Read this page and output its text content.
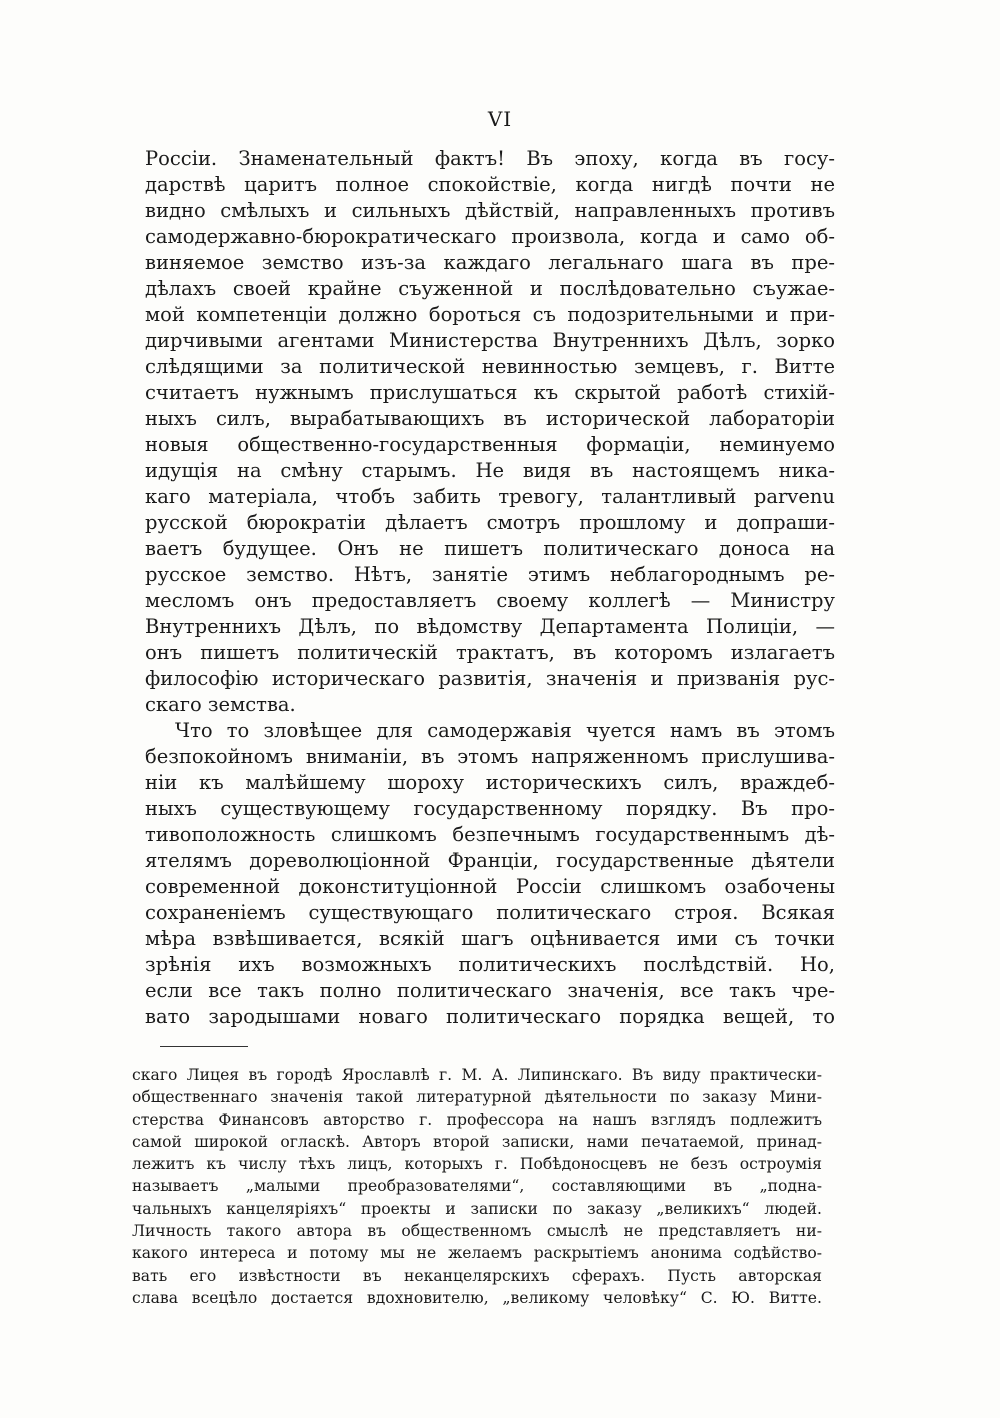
VI
Россiи. Знаменательный фактъ! Въ эпоху, когда въ госу-
дарствѣ царитъ полное спокойствiе, когда нигдѣ почти не
видно смѣлыхъ и сильныхъ дѣйствiй, направленныхъ противъ
самодержавно-бюрократическаго произвола, когда и само об-
виняемое земство изъ-за каждаго легальнаго шага въ пре-
дѣлахъ своей крайне съуженной и послѣдовательно съужае-
мой компетенцiи должно бороться съ подозрительными и при-
дирчивыми агентами Министерства Внутреннихъ Дѣлъ, зорко
слѣдящими за политической невинностью земцевъ, г. Витте
считаетъ нужнымъ прислушаться къ скрытой работѣ стихiй-
ныхъ силъ, вырабатывающихъ въ исторической лабораторiи
новыя общественно-государственныя формацiи, неминуемо
идущiя на смѣну старымъ. Не видя въ настоящемъ никa-
каго матерiала, чтобъ забить тревогу, талантливый parvenu
русской бюрократiи дѣлаетъ смотръ прошлому и допраши-
ваетъ будущее. Онъ не пишетъ политическаго доноса на
русское земство. Нѣтъ, занятiе этимъ неблагороднымъ ре-
месломъ онъ предоставляетъ своему коллегѣ — Министру
Внутреннихъ Дѣлъ, по вѣдомству Департамента Полицiи, —
онъ пишетъ политическiй трактатъ, въ которомъ излагаетъ
философiю историческаго развитiя, значенiя и призванiя рус-
скаго земства.
Что то зловѣщее для самодержавiя чуется намъ въ этомъ
безпокойномъ вниманiи, въ этомъ напряженномъ прислушива-
нiи къ малѣйшему шороху историческихъ силъ, враждеб-
ныхъ существующему государственному порядку. Въ про-
тивоположность слишкомъ безпечнымъ государственнымъ дѣ-
ятелямъ дореволюцiонной Францiи, государственные дѣятели
современной доконституцiонной Россiи слишкомъ озабочены
сохраненiемъ существующаго политическаго строя. Всякая
мѣра взвѣшивается, всякiй шагъ оцѣнивается ими съ точки
зрѣнiя ихъ возможныхъ политическихъ послѣдствiй. Но,
если все такъ полно политическаго значенiя, все такъ чре-
вато зародышами новаго политическаго порядка вещей, то
скаго Лицея въ городѣ Ярославлѣ г. М. А. Липинскаго. Въ виду практически-
общественнаго значенiя такой литературной дѣятельности по заказу Мини-
стерства Финансовъ авторство г. профессора на нашъ взглядъ подлежитъ
самой широкой огласкѣ. Авторъ второй записки, нами печатаемой, принад-
лежитъ къ числу тѣхъ лицъ, которыхъ г. Побѣдоносцевъ не безъ остроумiя
называетъ „малыми преобразователями“, составляющими въ „подна-
чальныхъ канцелярiяхъ“ проекты и записки по заказу „великихъ“ людей.
Личность такого автора въ общественномъ смыслѣ не представляетъ ни-
какого интереса и потому мы не желаемъ раскрытiемъ анонима содѣйство-
вать его извѣстности въ неканцелярскихъ сферахъ. Пусть авторская
слава всецѣло достается вдохновителю, „великому человѣку“ С. Ю. Витте.
